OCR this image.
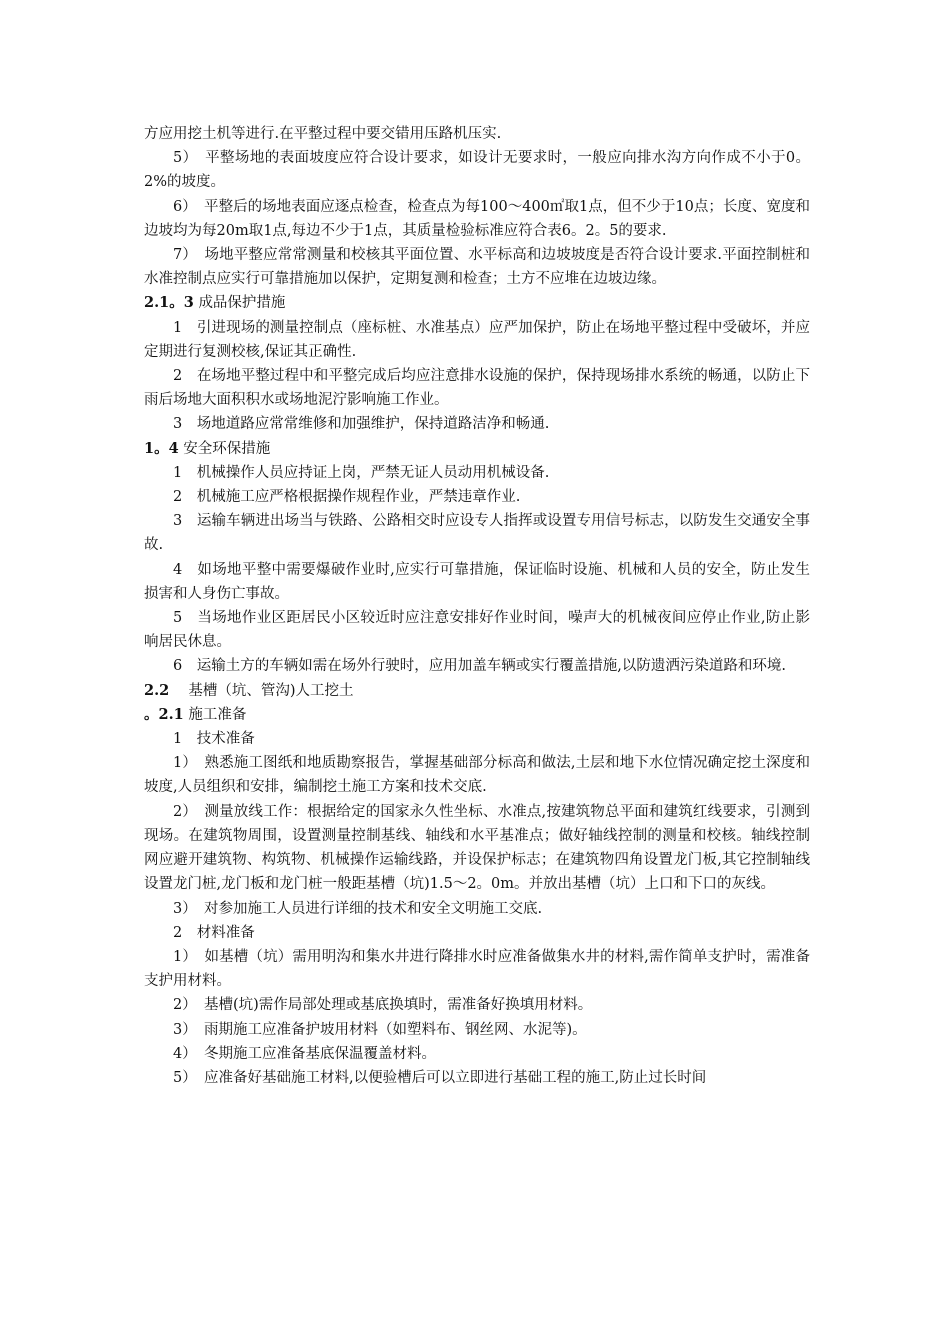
方应用挖土机等进行.在平整过程中要交错用压路机压实.

5）　平整场地的表面坡度应符合设计要求，如设计无要求时，一般应向排水沟方向作成不小于0。2%的坡度。

6）　平整后的场地表面应逐点检查，检查点为每100～400㎡取1点，但不少于10点；长度、宽度和边坡均为每20m取1点,每边不少于1点，其质量检验标准应符合表6。2。5的要求.

7）　场地平整应常常测量和校核其平面位置、水平标高和边坡坡度是否符合设计要求.平面控制桩和水准控制点应实行可靠措施加以保护，定期复测和检查；土方不应堆在边坡边缘。

2.1。3 成品保护措施

1　引进现场的测量控制点（座标桩、水准基点）应严加保护，防止在场地平整过程中受破坏，并应定期进行复测校核,保证其正确性.

2　在场地平整过程中和平整完成后均应注意排水设施的保护，保持现场排水系统的畅通，以防止下雨后场地大面积积水或场地泥泞影响施工作业。

3　场地道路应常常维修和加强维护，保持道路洁净和畅通.

1。4 安全环保措施

1　机械操作人员应持证上岗，严禁无证人员动用机械设备.

2　机械施工应严格根据操作规程作业，严禁违章作业.

3　运输车辆进出场当与铁路、公路相交时应设专人指挥或设置专用信号标志，以防发生交通安全事故.

4　如场地平整中需要爆破作业时,应实行可靠措施，保证临时设施、机械和人员的安全，防止发生损害和人身伤亡事故。

5　当场地作业区距居民小区较近时应注意安排好作业时间，噪声大的机械夜间应停止作业,防止影响居民休息。

6　运输土方的车辆如需在场外行驶时，应用加盖车辆或实行覆盖措施,以防遗洒污染道路和环境.

2.2 　基槽（坑、管沟)人工挖土

。2.1 施工准备

1　技术准备

1）　熟悉施工图纸和地质勘察报告，掌握基础部分标高和做法,土层和地下水位情况确定挖土深度和坡度,人员组织和安排，编制挖土施工方案和技术交底.

2）　测量放线工作：根据给定的国家永久性坐标、水准点,按建筑物总平面和建筑红线要求，引测到现场。在建筑物周围，设置测量控制基线、轴线和水平基准点；做好轴线控制的测量和校核。轴线控制网应避开建筑物、构筑物、机械操作运输线路，并设保护标志；在建筑物四角设置龙门板,其它控制轴线设置龙门桩,龙门板和龙门桩一般距基槽（坑)1.5～2。0m。并放出基槽（坑）上口和下口的灰线。

3）　对参加施工人员进行详细的技术和安全文明施工交底.

2　材料准备

1）　如基槽（坑）需用明沟和集水井进行降排水时应准备做集水井的材料,需作简单支护时，需准备支护用材料。

2）　基槽(坑)需作局部处理或基底换填时，需准备好换填用材料。

3）　雨期施工应准备护坡用材料（如塑料布、钢丝网、水泥等)。

4）　冬期施工应准备基底保温覆盖材料。

5）　应准备好基础施工材料,以便验槽后可以立即进行基础工程的施工,防止过长时间
